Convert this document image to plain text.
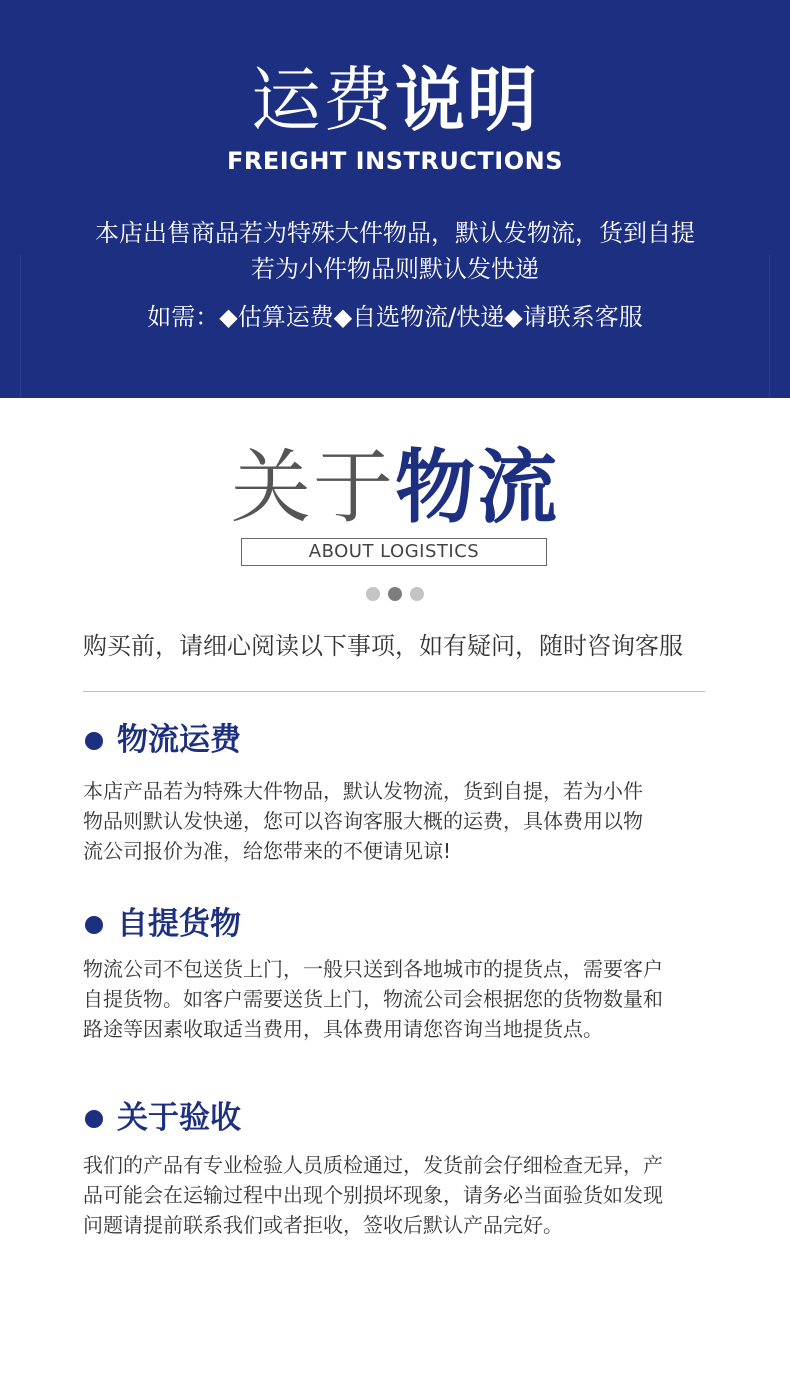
运费说明
FREIGHT INSTRUCTIONS
本店出售商品若为特殊大件物品，默认发物流，货到自提
若为小件物品则默认发快递
如需：◆估算运费◆自选物流/快递◆请联系客服
关于物流
ABOUT LOGISTICS
购买前，请细心阅读以下事项，如有疑问，随时咨询客服
物流运费
本店产品若为特殊大件物品，默认发物流，货到自提，若为小件
物品则默认发快递，您可以咨询客服大概的运费，具体费用以物
流公司报价为准，给您带来的不便请见谅!
自提货物
物流公司不包送货上门，一般只送到各地城市的提货点，需要客户
自提货物。如客户需要送货上门，物流公司会根据您的货物数量和
路途等因素收取适当费用，具体费用请您咨询当地提货点。
关于验收
我们的产品有专业检验人员质检通过，发货前会仔细检查无异，产
品可能会在运输过程中出现个别损坏现象，请务必当面验货如发现
问题请提前联系我们或者拒收，签收后默认产品完好。
